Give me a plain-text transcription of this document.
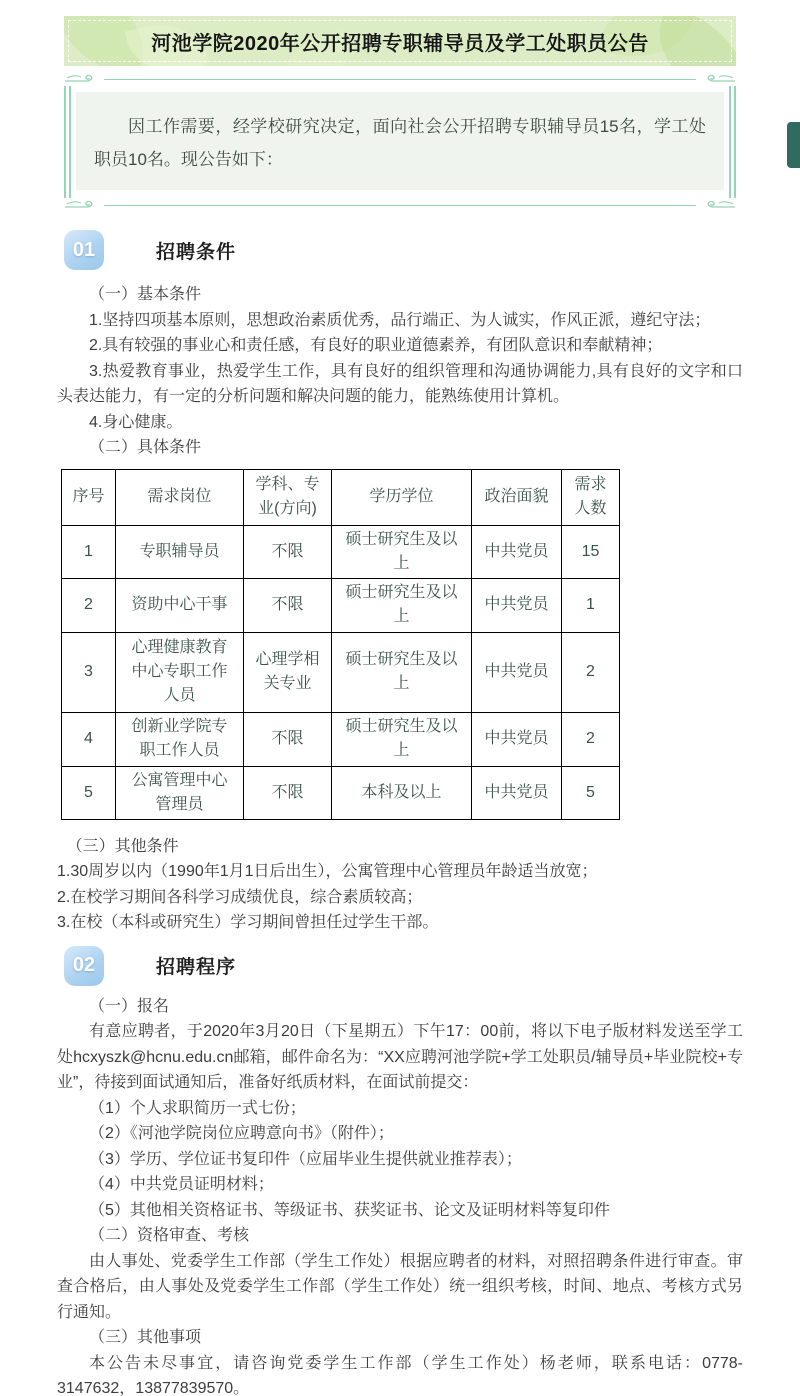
河池学院2020年公开招聘专职辅导员及学工处职员公告

因工作需要，经学校研究决定，面向社会公开招聘专职辅导员15名，学工处职员10名。现公告如下：

01	招聘条件

（一）基本条件

1.坚持四项基本原则，思想政治素质优秀，品行端正、为人诚实，作风正派，遵纪守法；

2.具有较强的事业心和责任感，有良好的职业道德素养，有团队意识和奉献精神；

3.热爱教育事业，热爱学生工作，具有良好的组织管理和沟通协调能力,具有良好的文字和口头表达能力，有一定的分析问题和解决问题的能力，能熟练使用计算机。

4.身心健康。

（二）具体条件

序号	需求岗位	学科、专业(方向)	学历学位	政治面貌	需求人数
1	专职辅导员	不限	硕士研究生及以上	中共党员	15
2	资助中心干事	不限	硕士研究生及以上	中共党员	1
3	心理健康教育中心专职工作人员	心理学相关专业	硕士研究生及以上	中共党员	2
4	创新业学院专职工作人员	不限	硕士研究生及以上	中共党员	2
5	公寓管理中心管理员	不限	本科及以上	中共党员	5

（三）其他条件

1.30周岁以内（1990年1月1日后出生），公寓管理中心管理员年龄适当放宽；

2.在校学习期间各科学习成绩优良，综合素质较高；

3.在校（本科或研究生）学习期间曾担任过学生干部。

02	招聘程序

（一）报名

有意应聘者，于2020年3月20日（下星期五）下午17：00前，将以下电子版材料发送至学工处hcxyszk@hcnu.edu.cn邮箱，邮件命名为：“XX应聘河池学院+学工处职员/辅导员+毕业院校+专业”，待接到面试通知后，准备好纸质材料，在面试前提交：

（1）个人求职简历一式七份；

（2）《河池学院岗位应聘意向书》（附件）；

（3）学历、学位证书复印件（应届毕业生提供就业推荐表）；

（4）中共党员证明材料；

（5）其他相关资格证书、等级证书、获奖证书、论文及证明材料等复印件

（二）资格审查、考核

由人事处、党委学生工作部（学生工作处）根据应聘者的材料，对照招聘条件进行审查。审查合格后，由人事处及党委学生工作部（学生工作处）统一组织考核，时间、地点、考核方式另行通知。

（三）其他事项

本公告未尽事宜，请咨询党委学生工作部（学生工作处）杨老师，联系电话：0778-3147632，13877839570。
